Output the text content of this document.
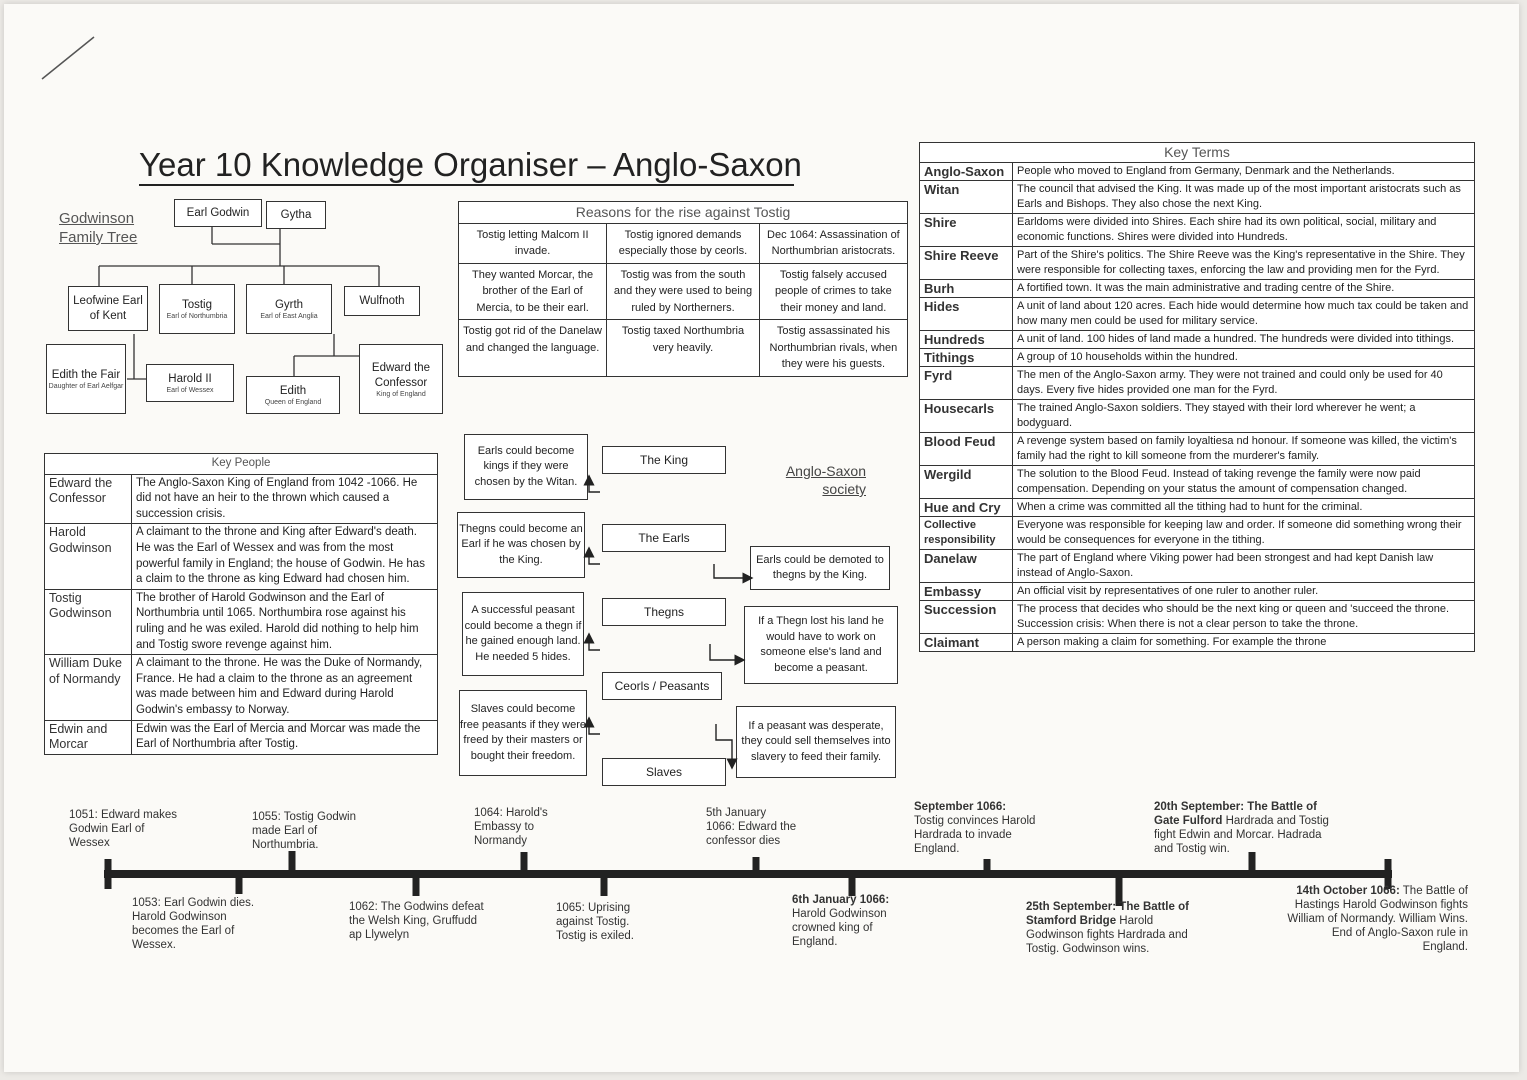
Year 10 Knowledge Organiser – Anglo-Saxon
Godwinson Family Tree
Earl Godwin	Gytha
Leofwine Earl of Kent
Tostig
Earl of Northumbria
Gyrth
Earl of East Anglia
Wulfnoth
Edith the Fair
Daughter of Earl Aelfgar
Harold II
Earl of Wessex	Edith
Queen of England
Edward the Confessor
King of England
Key People	
Edward the Confessor	The Anglo-Saxon King of England from 1042 -1066. He did not have an heir to the thrown which caused a succession crisis.
Harold Godwinson	A claimant to the throne and King after Edward's death. He was the Earl of Wessex and was from the most powerful family in England; the house of Godwin. He has a claim to the throne as king Edward had chosen him.
Tostig Godwinson	The brother of Harold Godwinson and the Earl of Northumbria until 1065. Northumbira rose against his ruling and he was exiled. Harold did nothing to help him and Tostig swore revenge against him.
William Duke of Normandy	A claimant to the throne. He was the Duke of Normandy, France. He had a claim to the throne as an agreement was made between him and Edward during Harold Godwin's embassy to Norway.
Edwin and Morcar	Edwin was the Earl of Mercia and Morcar was made the Earl of Northumbria after Tostig.
Reasons for the rise against Tostig		
Tostig letting Malcom II invade.	Tostig ignored demands especially those by ceorls.	Dec 1064: Assassination of Northumbrian aristocrats.
They wanted Morcar, the brother of the Earl of Mercia, to be their earl.	Tostig was from the south and they were used to being ruled by Northerners.	Tostig falsely accused people of crimes to take their money and land.
Tostig got rid of the Danelaw and changed the language.	Tostig taxed Northumbria very heavily.	Tostig assassinated his Northumbrian rivals, when they were his guests.
Anglo-Saxon society
The King
The Earls
Thegns
Ceorls / Peasants
Slaves
Earls could become kings if they were chosen by the Witan.
Thegns could become an Earl if he was chosen by the King.
A successful peasant could become a thegn if he gained enough land. He needed 5 hides.
Slaves could become free peasants if they were freed by their masters or bought their freedom.
Earls could be demoted to thegns by the King.
If a Thegn lost his land he would have to work on someone else's land and become a peasant.
If a peasant was desperate, they could sell themselves into slavery to feed their family.
Key Terms	
Anglo-Saxon	People who moved to England from Germany, Denmark and the Netherlands.
Witan	The council that advised the King. It was made up of the most important aristocrats such as Earls and Bishops. They also chose the next King.
Shire	Earldoms were divided into Shires. Each shire had its own political, social, military and economic functions. Shires were divided into Hundreds.
Shire Reeve	Part of the Shire's politics. The Shire Reeve was the King's representative in the Shire. They were responsible for collecting taxes, enforcing the law and providing men for the Fyrd.
Burh	A fortified town. It was the main administrative and trading centre of the Shire.
Hides	A unit of land about 120 acres. Each hide would determine how much tax could be taken and how many men could be used for military service.
Hundreds	A unit of land. 100 hides of land made a hundred. The hundreds were divided into tithings.
Tithings	A group of 10 households within the hundred.
Fyrd	The men of the Anglo-Saxon army. They were not trained and could only be used for 40 days. Every five hides provided one man for the Fyrd.
Housecarls	The trained Anglo-Saxon soldiers. They stayed with their lord wherever he went; a bodyguard.
Blood Feud	A revenge system based on family loyaltiesa nd honour. If someone was killed, the victim's family had the right to kill someone from the murderer's family.
Wergild	The solution to the Blood Feud. Instead of taking revenge the family were now paid compensation. Depending on your status the amount of compensation changed.
Hue and Cry	When a crime was committed all the tithing had to hunt for the criminal.
Collective responsibility	Everyone was responsible for keeping law and order. If someone did something wrong their would be consequences for everyone in the tithing.
Danelaw	The part of England where Viking power had been strongest and had kept Danish law instead of Anglo-Saxon.
Embassy	An official visit by representatives of one ruler to another ruler.
Succession	The process that decides who should be the next king or queen and 'succeed the throne.
Succession crisis: When there is not a clear person to take the throne.

Claimant	A person making a claim for something. For example the throne
1051: Edward makes Godwin Earl of Wessex
1055: Tostig Godwin made Earl of Northumbria.
1064: Harold's Embassy to Normandy
5th January 1066: Edward the confessor dies
September 1066: Tostig convinces Harold Hardrada to invade England.
20th September: The Battle of Gate Fulford Hardrada and Tostig fight Edwin and Morcar. Hadrada and Tostig win.
1053: Earl Godwin dies. Harold Godwinson becomes the Earl of Wessex.
1062: The Godwins defeat the Welsh King, Gruffudd ap Llywelyn
1065: Uprising against Tostig. Tostig is exiled.
6th January 1066: Harold Godwinson crowned king of England.
25th September: The Battle of Stamford Bridge Harold Godwinson fights Hardrada and Tostig. Godwinson wins.
14th October 1066: The Battle of Hastings Harold Godwinson fights William of Normandy. William Wins. End of Anglo-Saxon rule in England.
